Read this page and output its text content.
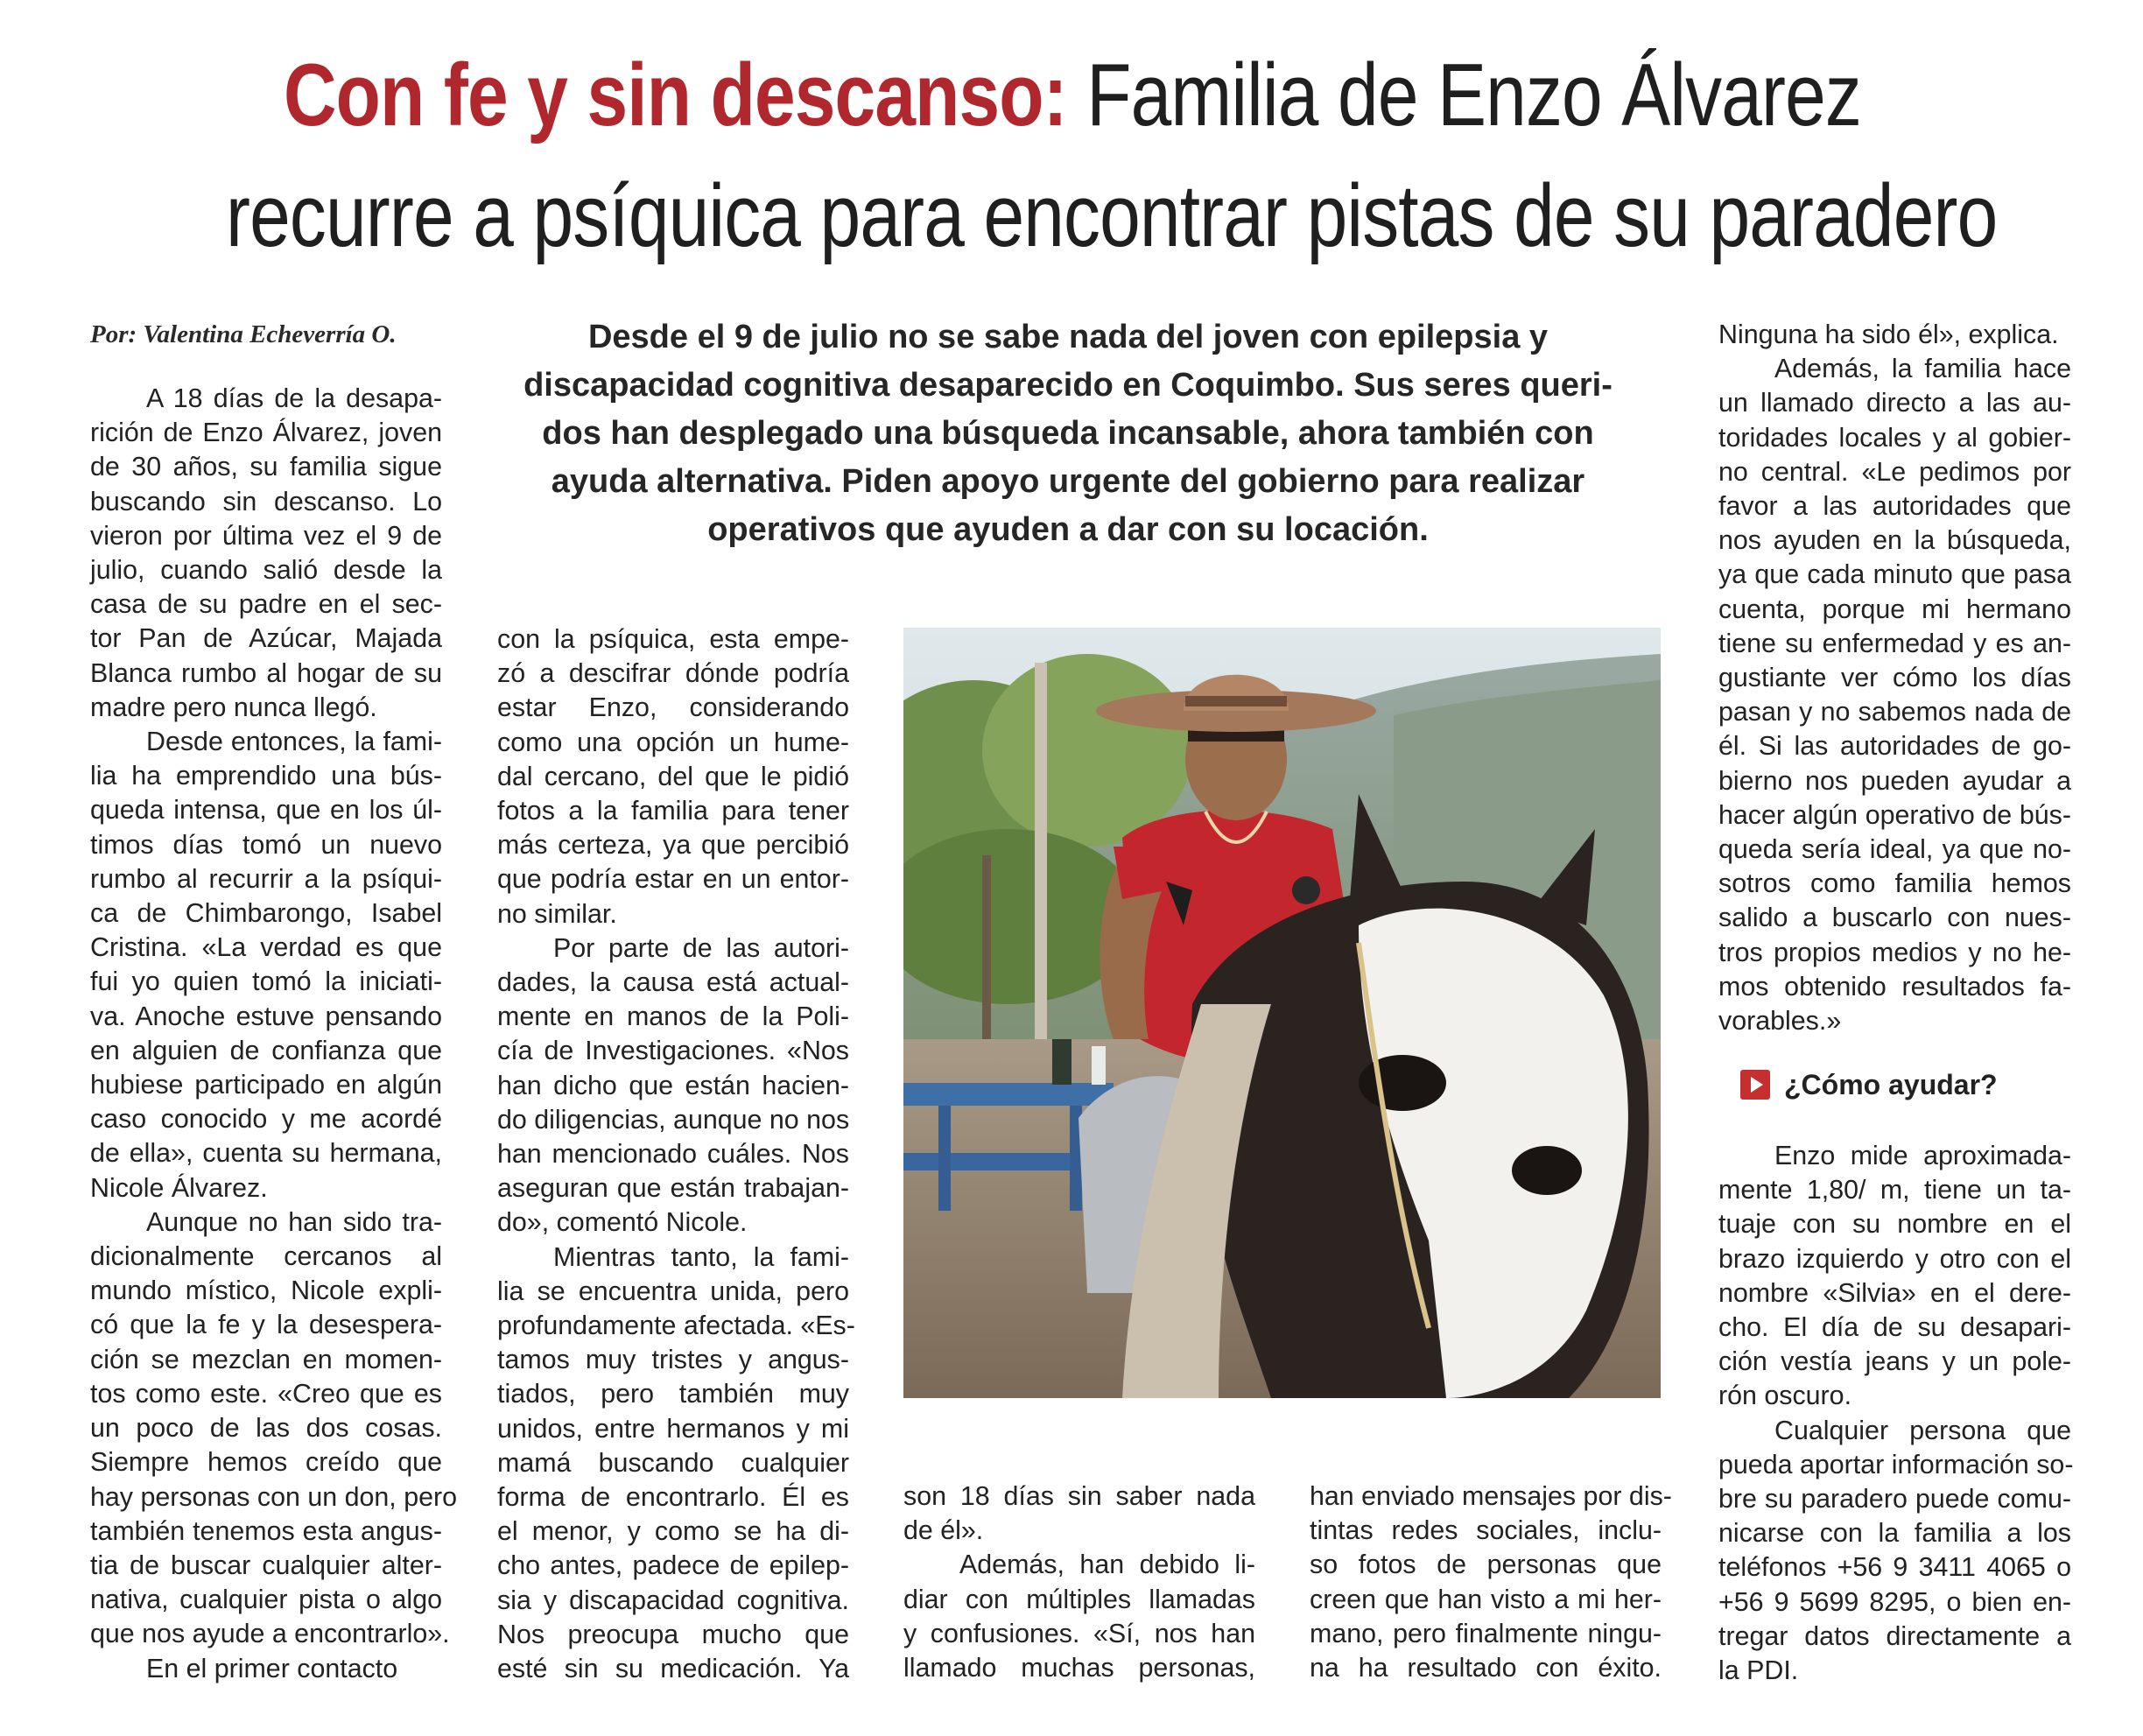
Con fe y sin descanso: Familia de Enzo Álvarez
recurre a psíquica para encontrar pistas de su paradero
Por: Valentina Echeverría O.	Desde el 9 de julio no se sabe nada del joven con epilepsia y
discapacidad cognitiva desaparecido en Coquimbo. Sus seres queri-
dos han desplegado una búsqueda incansable, ahora también con
ayuda alternativa. Piden apoyo urgente del gobierno para realizar
operativos que ayuden a dar con su locación.
A 18 días de la desapa-
rición de Enzo Álvarez, joven
de 30 años, su familia sigue
buscando sin descanso. Lo
vieron por última vez el 9 de
julio, cuando salió desde la
casa de su padre en el sec-
tor Pan de Azúcar, Majada
Blanca rumbo al hogar de su
madre pero nunca llegó.
Desde entonces, la fami-
lia ha emprendido una bús-
queda intensa, que en los úl-
timos días tomó un nuevo
rumbo al recurrir a la psíqui-
ca de Chimbarongo, Isabel
Cristina. «La verdad es que
fui yo quien tomó la iniciati-
va. Anoche estuve pensando
en alguien de confianza que
hubiese participado en algún
caso conocido y me acordé
de ella», cuenta su hermana,
Nicole Álvarez.
Aunque no han sido tra-
dicionalmente cercanos al
mundo místico, Nicole expli-
có que la fe y la desespera-
ción se mezclan en momen-
tos como este. «Creo que es
un poco de las dos cosas.
Siempre hemos creído que
hay personas con un don, pero
también tenemos esta angus-
tia de buscar cualquier alter-
nativa, cualquier pista o algo
que nos ayude a encontrarlo».
En el primer contacto
con la psíquica, esta empe-
zó a descifrar dónde podría
estar Enzo, considerando
como una opción un hume-
dal cercano, del que le pidió
fotos a la familia para tener
más certeza, ya que percibió
que podría estar en un entor-
no similar.
Por parte de las autori-
dades, la causa está actual-
mente en manos de la Poli-
cía de Investigaciones. «Nos
han dicho que están hacien-
do diligencias, aunque no nos
han mencionado cuáles. Nos
aseguran que están trabajan-
do», comentó Nicole.
Mientras tanto, la fami-
lia se encuentra unida, pero
profundamente afectada. «Es-
tamos muy tristes y angus-
tiados, pero también muy
unidos, entre hermanos y mi
mamá buscando cualquier
forma de encontrarlo. Él es
el menor, y como se ha di-
cho antes, padece de epilep-
sia y discapacidad cognitiva.
Nos preocupa mucho que
esté sin su medicación. Ya
son 18 días sin saber nada
de él».
Además, han debido li-
diar con múltiples llamadas
y confusiones. «Sí, nos han
llamado muchas personas,
han enviado mensajes por dis-
tintas redes sociales, inclu-
so fotos de personas que
creen que han visto a mi her-
mano, pero finalmente ningu-
na ha resultado con éxito.
Ninguna ha sido él», explica.
Además, la familia hace
un llamado directo a las au-
toridades locales y al gobier-
no central. «Le pedimos por
favor a las autoridades que
nos ayuden en la búsqueda,
ya que cada minuto que pasa
cuenta, porque mi hermano
tiene su enfermedad y es an-
gustiante ver cómo los días
pasan y no sabemos nada de
él. Si las autoridades de go-
bierno nos pueden ayudar a
hacer algún operativo de bús-
queda sería ideal, ya que no-
sotros como familia hemos
salido a buscarlo con nues-
tros propios medios y no he-
mos obtenido resultados fa-
vorables.»
¿Cómo ayudar?
Enzo mide aproximada-
mente 1,80/ m, tiene un ta-
tuaje con su nombre en el
brazo izquierdo y otro con el
nombre «Silvia» en el dere-
cho. El día de su desapari-
ción vestía jeans y un pole-
rón oscuro.
Cualquier persona que
pueda aportar información so-
bre su paradero puede comu-
nicarse con la familia a los
teléfonos +56 9 3411 4065 o
+56 9 5699 8295, o bien en-
tregar datos directamente a
la PDI.
